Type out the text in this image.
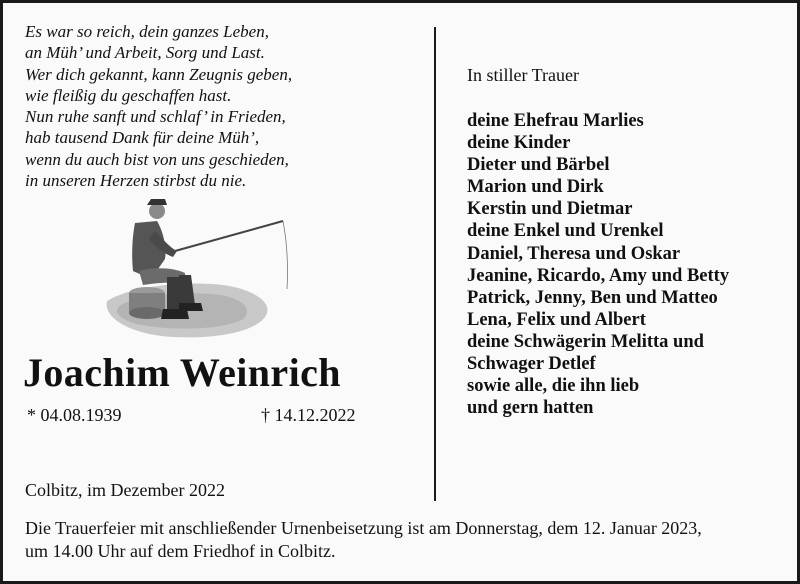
Es war so reich, dein ganzes Leben,
an Müh’ und Arbeit, Sorg und Last.
Wer dich gekannt, kann Zeugnis geben,
wie fleißig du geschaffen hast.
Nun ruhe sanft und schlaf’ in Frieden,
hab tausend Dank für deine Müh’,
wenn du auch bist von uns geschieden,
in unseren Herzen stirbst du nie.

Joachim Weinrich
* 04.08.1939	† 14.12.2022
Colbitz, im Dezember 2022
In stiller Trauer
deine Ehefrau Marlies
deine Kinder
Dieter und Bärbel
Marion und Dirk
Kerstin und Dietmar
deine Enkel und Urenkel
Daniel, Theresa und Oskar
Jeanine, Ricardo, Amy und Betty
Patrick, Jenny, Ben und Matteo
Lena, Felix und Albert
deine Schwägerin Melitta und
Schwager Detlef
sowie alle, die ihn lieb
und gern hatten
Die Trauerfeier mit anschließender Urnenbeisetzung ist am Donnerstag, dem 12. Januar 2023,
um 14.00 Uhr auf dem Friedhof in Colbitz.
